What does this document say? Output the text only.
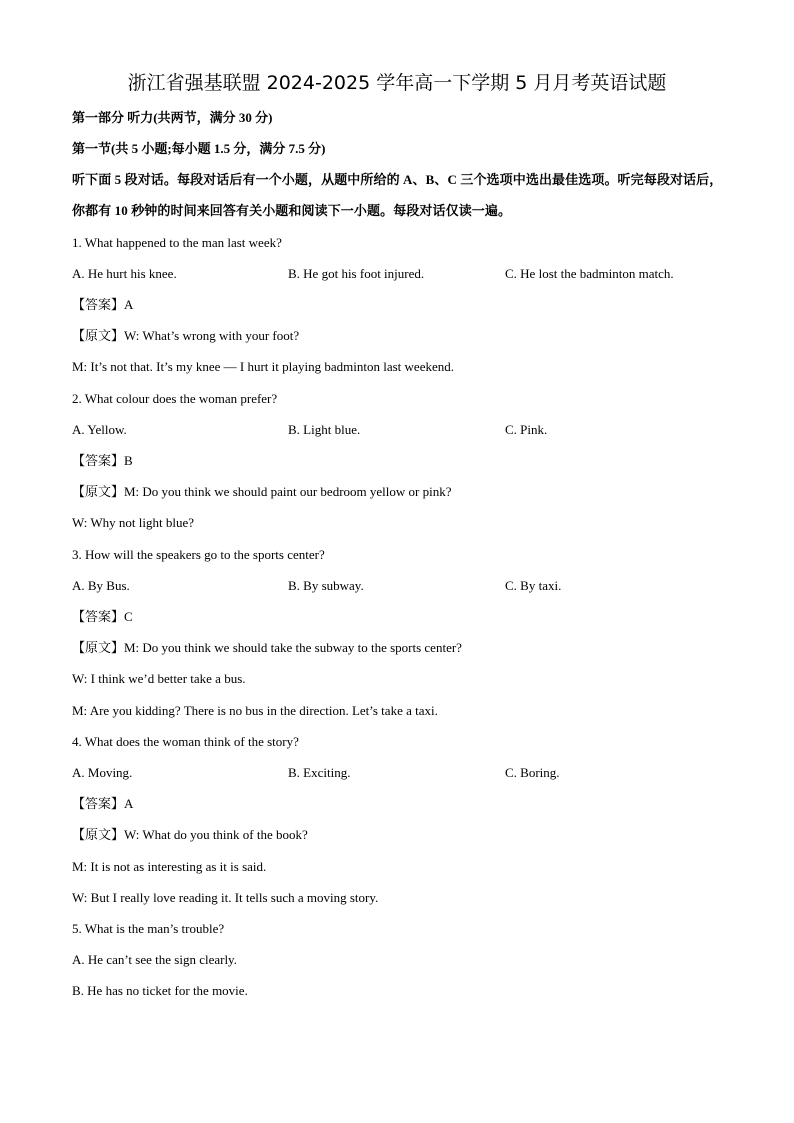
浙江省强基联盟 2024-2025 学年高一下学期 5 月月考英语试题
第一部分 听力(共两节，满分 30 分)
第一节(共 5 小题;每小题 1.5 分，满分 7.5 分)
听下面 5 段对话。每段对话后有一个小题，从题中所给的 A、B、C 三个选项中选出最佳选项。听完每段对话后，你都有 10 秒钟的时间来回答有关小题和阅读下一小题。每段对话仅读一遍。
1. What happened to the man last week?
A. He hurt his knee.	B. He got his foot injured.	C. He lost the badminton match.
【答案】A
【原文】W: What’s wrong with your foot?
M: It’s not that. It’s my knee — I hurt it playing badminton last weekend.
2. What colour does the woman prefer?
A. Yellow.	B. Light blue.	C. Pink.
【答案】B
【原文】M: Do you think we should paint our bedroom yellow or pink?
W: Why not light blue?
3. How will the speakers go to the sports center?
A. By Bus.	B. By subway.	C. By taxi.
【答案】C
【原文】M: Do you think we should take the subway to the sports center?
W: I think we’d better take a bus.
M: Are you kidding? There is no bus in the direction. Let’s take a taxi.
4. What does the woman think of the story?
A. Moving.	B. Exciting.	C. Boring.
【答案】A
【原文】W: What do you think of the book?
M: It is not as interesting as it is said.
W: But I really love reading it. It tells such a moving story.
5. What is the man’s trouble?
A. He can’t see the sign clearly.
B. He has no ticket for the movie.
